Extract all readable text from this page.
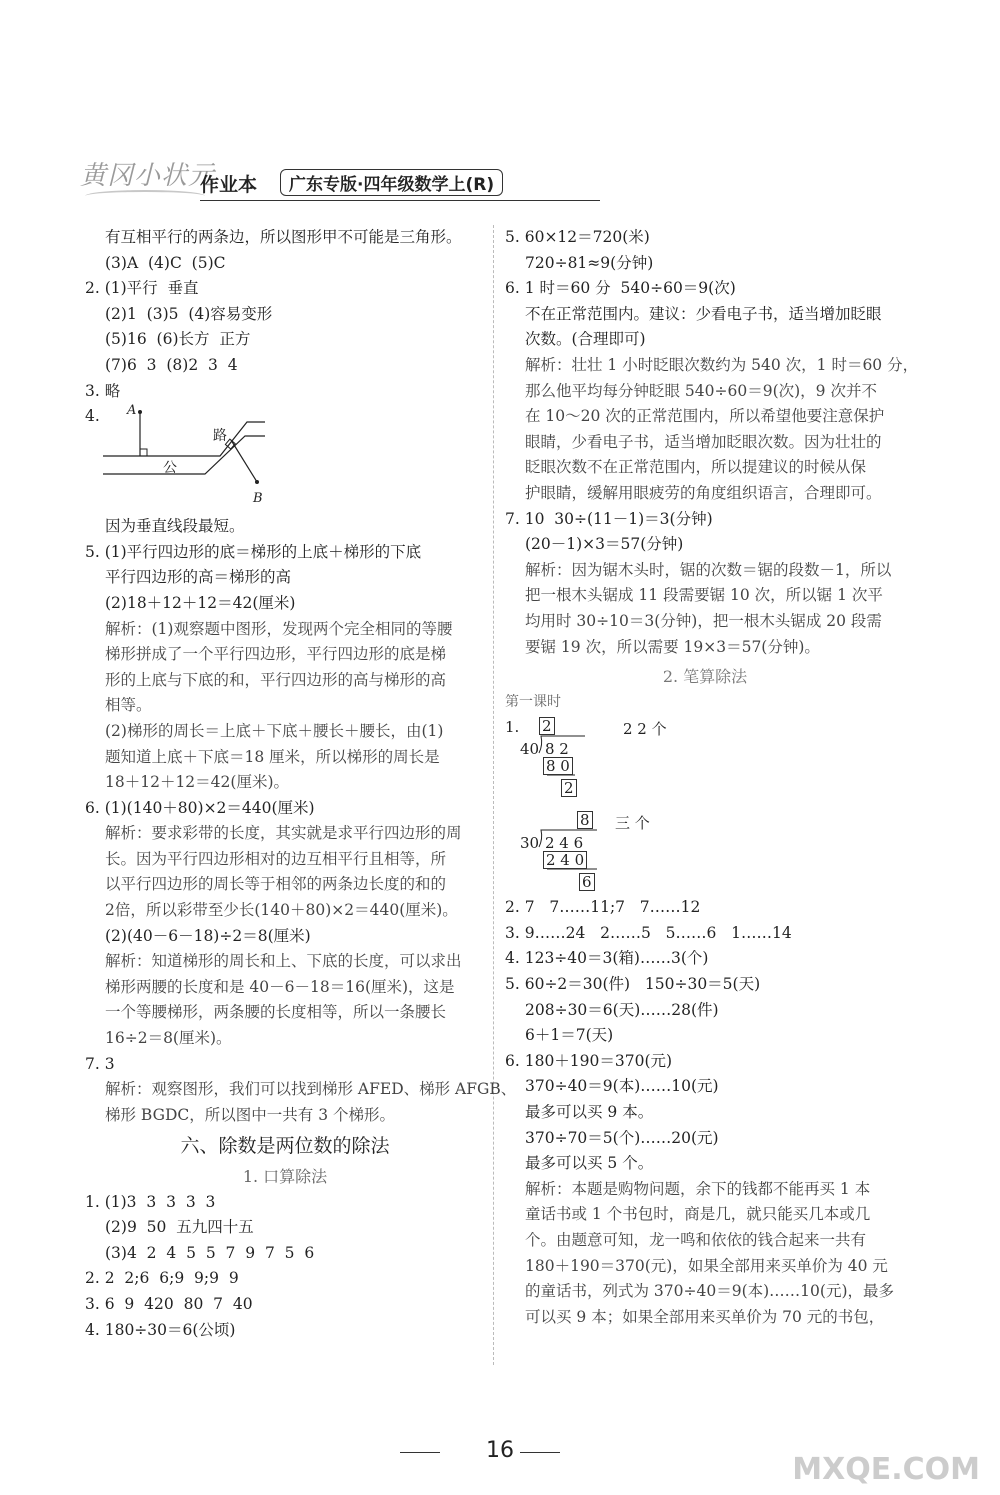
黄冈小状元
作业本	广东专版·四年级数学上(R)
有互相平行的两条边，所以图形甲不可能是三角形。
(3)A  (4)C  (5)C
2. (1)平行  垂直
(2)1  (3)5  (4)容易变形
(5)16  (6)长方  正方
(7)6  3  (8)2  3  4
3. 略
4. A
B
路
公
因为垂直线段最短。
5. (1)平行四边形的底＝梯形的上底＋梯形的下底
平行四边形的高＝梯形的高
(2)18＋12＋12＝42(厘米)
解析：(1)观察题中图形，发现两个完全相同的等腰
梯形拼成了一个平行四边形，平行四边形的底是梯
形的上底与下底的和，平行四边形的高与梯形的高
相等。
(2)梯形的周长＝上底＋下底＋腰长＋腰长，由(1)
题知道上底＋下底＝18 厘米，所以梯形的周长是
18＋12＋12＝42(厘米)。
6. (1)(140＋80)×2＝440(厘米)
解析：要求彩带的长度，其实就是求平行四边形的周
长。因为平行四边形相对的边互相平行且相等，所
以平行四边形的周长等于相邻的两条边长度的和的
2倍，所以彩带至少长(140＋80)×2＝440(厘米)。
(2)(40－6－18)÷2＝8(厘米)
解析：知道梯形的周长和上、下底的长度，可以求出
梯形两腰的长度和是 40－6－18＝16(厘米)，这是
一个等腰梯形，两条腰的长度相等，所以一条腰长
16÷2＝8(厘米)。
7. 3
解析：观察图形，我们可以找到梯形 AFED、梯形 AFGB、
梯形 BGDC，所以图中一共有 3 个梯形。
六、除数是两位数的除法
1. 口算除法
1. (1)3  3  3  3  3
(2)9  50  五九四十五
(3)4  2  4  5  5  7  9  7  5  6
2. 2  2;6  6;9  9;9  9
3. 6  9  420  80  7  40
4. 180÷30＝6(公顷)
5. 60×12＝720(米)
720÷81≈9(分钟)
6. 1 时＝60 分  540÷60＝9(次)
不在正常范围内。建议：少看电子书，适当增加眨眼
次数。(合理即可)
解析：壮壮 1 小时眨眼次数约为 540 次，1 时＝60 分，
那么他平均每分钟眨眼 540÷60＝9(次)，9 次并不
在 10～20 次的正常范围内，所以希望他要注意保护
眼睛，少看电子书，适当增加眨眼次数。因为壮壮的
眨眼次数不在正常范围内，所以提建议的时候从保
护眼睛，缓解用眼疲劳的角度组织语言，合理即可。
7. 10  30÷(11－1)＝3(分钟)
(20－1)×3＝57(分钟)
解析：因为锯木头时，锯的次数＝锯的段数－1，所以
把一根木头锯成 11 段需要锯 10 次，所以锯 1 次平
均用时 30÷10＝3(分钟)，把一根木头锯成 20 段需
要锯 19 次，所以需要 19×3＝57(分钟)。
2. 笔算除法
第一课时
1. 2	2 2 个
40 8 2
8 0
2
8 三 个
30 2 4 6
2 4 0
6
2. 7   7……11;7   7……12
3. 9……24   2……5   5……6   1……14
4. 123÷40＝3(箱)……3(个)
5. 60÷2＝30(件)   150÷30＝5(天)
208÷30＝6(天)……28(件)
6＋1＝7(天)
6. 180＋190＝370(元)
370÷40＝9(本)……10(元)
最多可以买 9 本。
370÷70＝5(个)……20(元)
最多可以买 5 个。
解析：本题是购物问题，余下的钱都不能再买 1 本
童话书或 1 个书包时，商是几，就只能买几本或几
个。由题意可知，龙一鸣和依依的钱合起来一共有
180＋190＝370(元)，如果全部用来买单价为 40 元
的童话书，列式为 370÷40＝9(本)……10(元)，最多
可以买 9 本；如果全部用来买单价为 70 元的书包，
16
MXQE.COM
